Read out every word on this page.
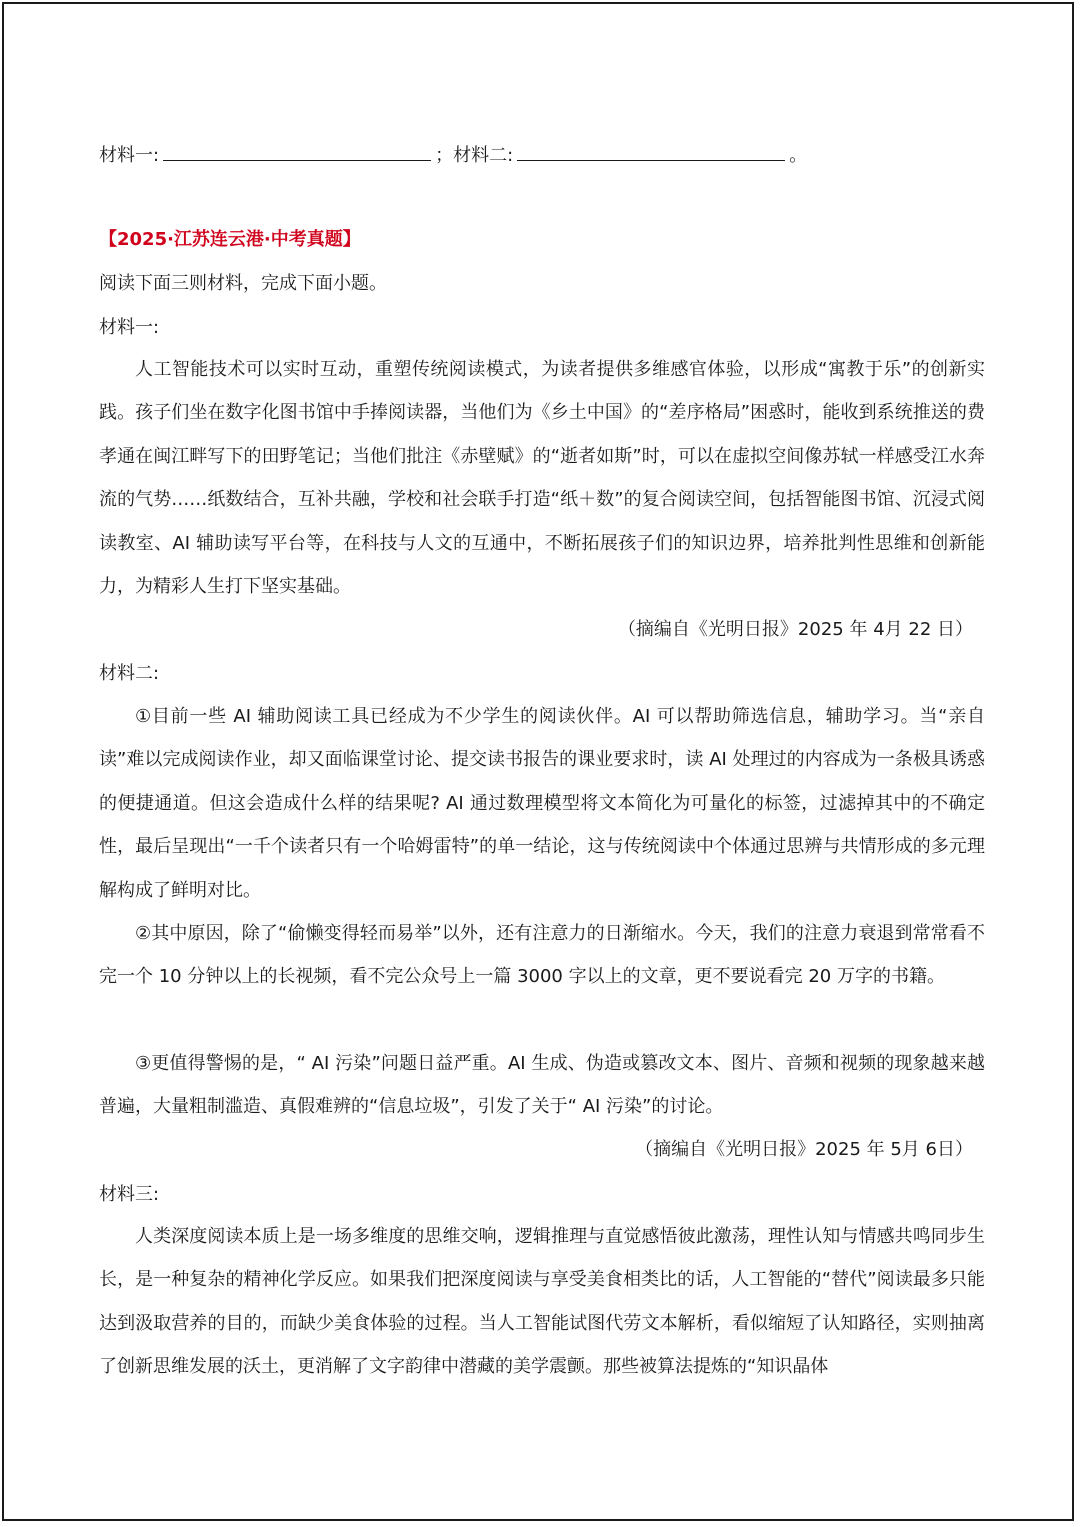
材料一:	；材料二:	。
【2025·江苏连云港·中考真题】
阅读下面三则材料，完成下面小题。
材料一:
人工智能技术可以实时互动，重塑传统阅读模式，为读者提供多维感官体验，以形成“寓教于乐”的创新实践。孩子们坐在数字化图书馆中手捧阅读器，当他们为《乡土中国》的“差序格局”困惑时，能收到系统推送的费孝通在闽江畔写下的田野笔记；当他们批注《赤壁赋》的“逝者如斯”时，可以在虚拟空间像苏轼一样感受江水奔流的气势……纸数结合，互补共融，学校和社会联手打造“纸＋数”的复合阅读空间，包括智能图书馆、沉浸式阅读教室、AI 辅助读写平台等，在科技与人文的互通中，不断拓展孩子们的知识边界，培养批判性思维和创新能力，为精彩人生打下坚实基础。
（摘编自《光明日报》2025 年 4月 22 日）
材料二:
①目前一些 AI 辅助阅读工具已经成为不少学生的阅读伙伴。AI 可以帮助筛选信息，辅助学习。当“亲自读”难以完成阅读作业，却又面临课堂讨论、提交读书报告的课业要求时，读 AI 处理过的内容成为一条极具诱惑的便捷通道。但这会造成什么样的结果呢? AI 通过数理模型将文本简化为可量化的标签，过滤掉其中的不确定性，最后呈现出“一千个读者只有一个哈姆雷特”的单一结论，这与传统阅读中个体通过思辨与共情形成的多元理解构成了鲜明对比。
②其中原因，除了“偷懒变得轻而易举”以外，还有注意力的日渐缩水。今天，我们的注意力衰退到常常看不完一个 10 分钟以上的长视频，看不完公众号上一篇 3000 字以上的文章，更不要说看完 20 万字的书籍。
③更值得警惕的是，“ AI 污染”问题日益严重。AI 生成、伪造或篡改文本、图片、音频和视频的现象越来越普遍，大量粗制滥造、真假难辨的“信息垃圾”，引发了关于“ AI 污染”的讨论。
（摘编自《光明日报》2025 年 5月 6日）
材料三:
人类深度阅读本质上是一场多维度的思维交响，逻辑推理与直觉感悟彼此激荡，理性认知与情感共鸣同步生长，是一种复杂的精神化学反应。如果我们把深度阅读与享受美食相类比的话，人工智能的“替代”阅读最多只能达到汲取营养的目的，而缺少美食体验的过程。当人工智能试图代劳文本解析，看似缩短了认知路径，实则抽离了创新思维发展的沃土，更消解了文字韵律中潜藏的美学震颤。那些被算法提炼的“知识晶体
